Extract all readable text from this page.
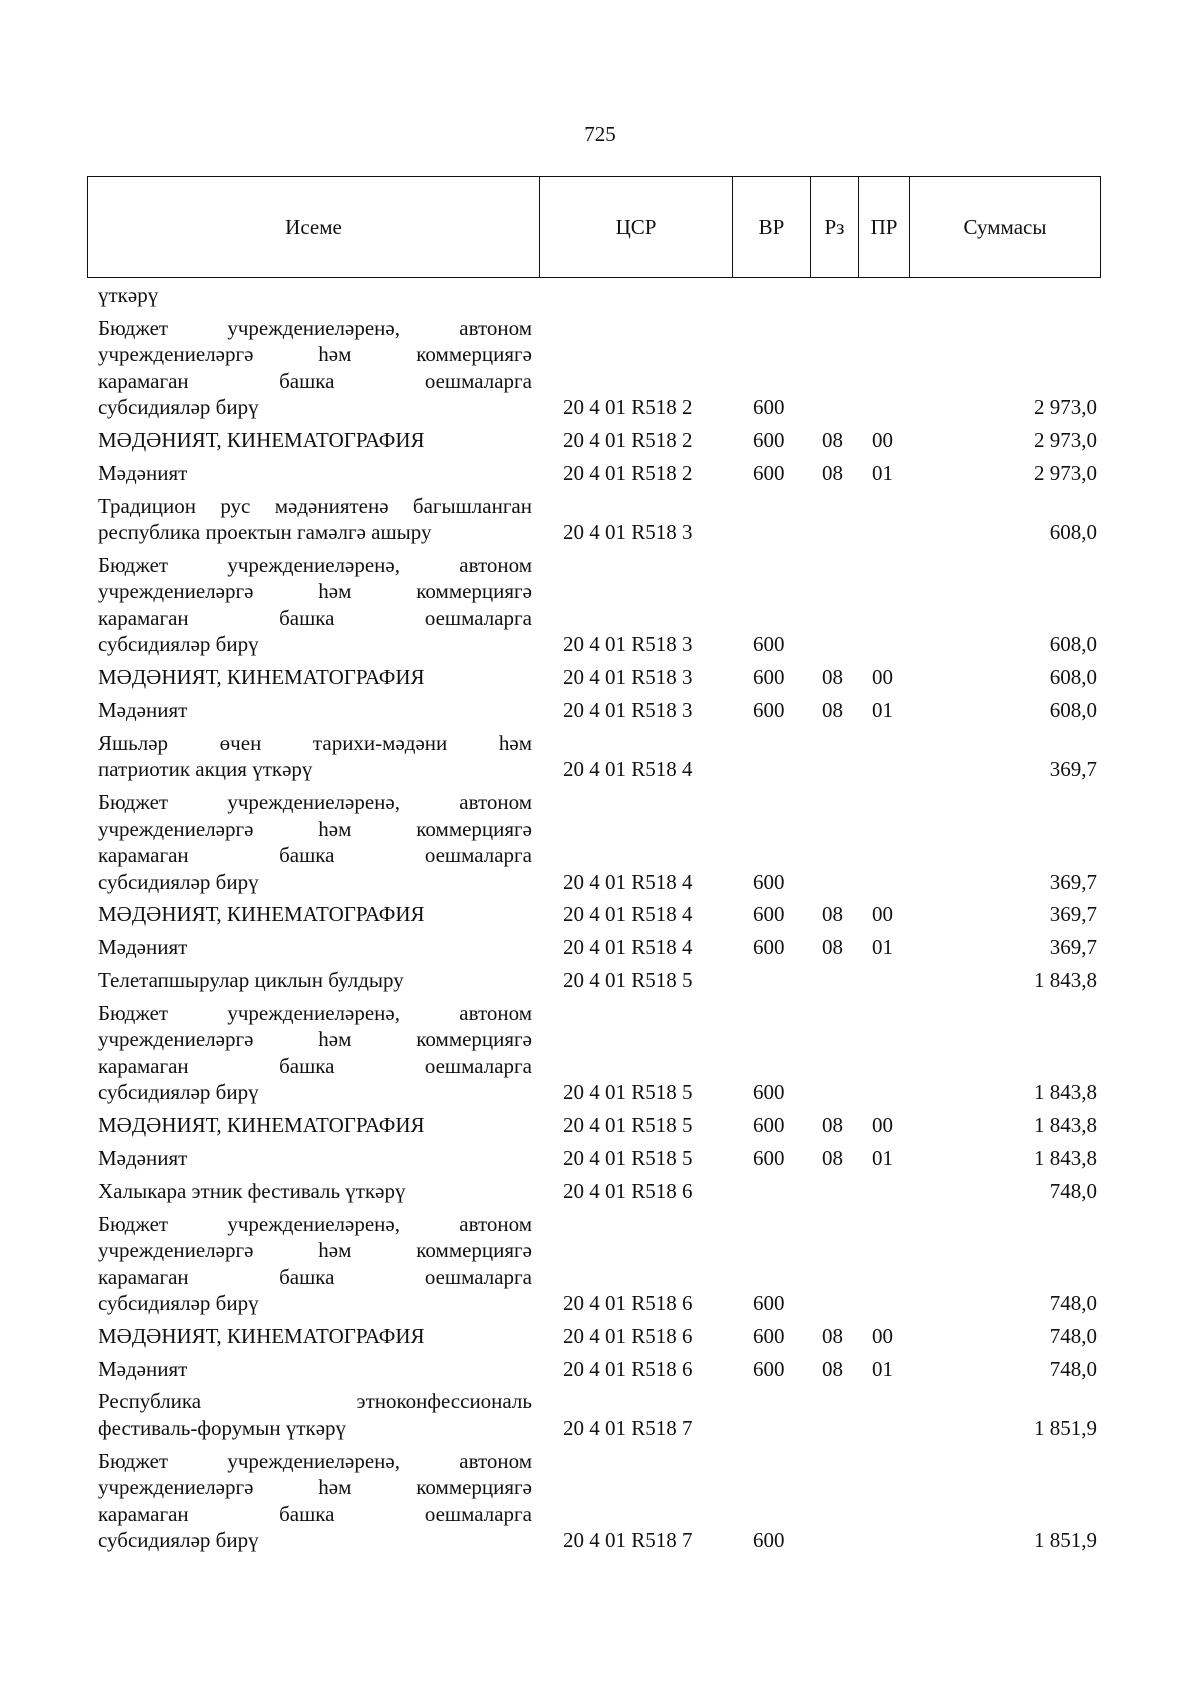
725
Исеме	ЦСР	ВР	Рз	ПР	Суммасы
үткәрү
Бюджет учреждениеләренә, автоном
учреждениеләргә һәм коммерциягә
карамаган башка оешмаларга
субсидияләр бирү	20 4 01 R518 2	600	2 973,0
МӘДӘНИЯТ, КИНЕМАТОГРАФИЯ	20 4 01 R518 2	600 08 00	2 973,0
Мәдәният	20 4 01 R518 2	600 08 01	2 973,0
Традицион рус мәдәниятенә багышланган
республика проектын гамәлгә ашыру	20 4 01 R518 3	608,0
Бюджет учреждениеләренә, автоном
учреждениеләргә һәм коммерциягә
карамаган башка оешмаларга
субсидияләр бирү	20 4 01 R518 3	600	608,0
МӘДӘНИЯТ, КИНЕМАТОГРАФИЯ	20 4 01 R518 3	600 08 00	608,0
Мәдәният	20 4 01 R518 3	600 08 01	608,0
Яшьләр өчен тарихи-мәдәни һәм
патриотик акция үткәрү	20 4 01 R518 4	369,7
Бюджет учреждениеләренә, автоном
учреждениеләргә һәм коммерциягә
карамаган башка оешмаларга
субсидияләр бирү	20 4 01 R518 4	600	369,7
МӘДӘНИЯТ, КИНЕМАТОГРАФИЯ	20 4 01 R518 4	600 08 00	369,7
Мәдәният	20 4 01 R518 4	600 08 01	369,7
Телетапшырулар циклын булдыру	20 4 01 R518 5	1 843,8
Бюджет учреждениеләренә, автоном
учреждениеләргә һәм коммерциягә
карамаган башка оешмаларга
субсидияләр бирү	20 4 01 R518 5	600	1 843,8
МӘДӘНИЯТ, КИНЕМАТОГРАФИЯ	20 4 01 R518 5	600 08 00	1 843,8
Мәдәният	20 4 01 R518 5	600 08 01	1 843,8
Халыкара этник фестиваль үткәрү	20 4 01 R518 6	748,0
Бюджет учреждениеләренә, автоном
учреждениеләргә һәм коммерциягә
карамаган башка оешмаларга
субсидияләр бирү	20 4 01 R518 6	600	748,0
МӘДӘНИЯТ, КИНЕМАТОГРАФИЯ	20 4 01 R518 6	600 08 00	748,0
Мәдәният	20 4 01 R518 6	600 08 01	748,0
Республика этноконфессиональ
фестиваль-форумын үткәрү	20 4 01 R518 7	1 851,9
Бюджет учреждениеләренә, автоном
учреждениеләргә һәм коммерциягә
карамаган башка оешмаларга
субсидияләр бирү	20 4 01 R518 7	600	1 851,9
